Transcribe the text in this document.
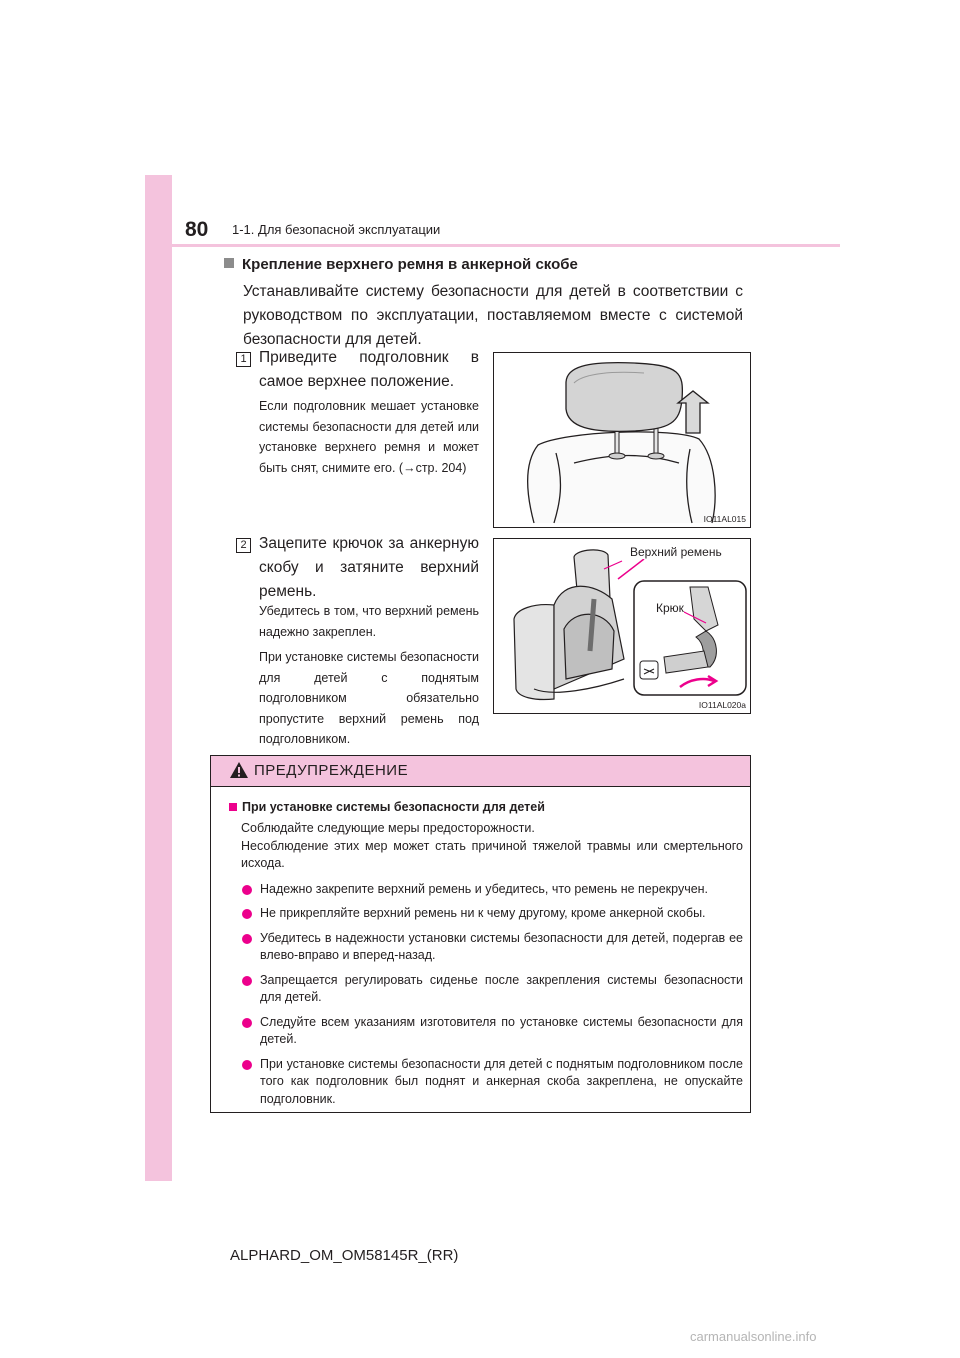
80 1-1. Для безопасной эксплуатации
Крепление верхнего ремня в анкерной скобе
Устанавливайте систему безопасности для детей в соответствии с руководством по эксплуатации, поставляемом вместе с системой безопасности для детей.
1 Приведите подголовник в самое верхнее положение.
Если подголовник мешает установке системы безопасности для детей или установке верхнего ремня и может быть снят, снимите его. (→стр. 204)
IO11AL015
2 Зацепите крючок за анкерную скобу и затяните верхний ремень.
Убедитесь в том, что верхний ремень надежно закреплен.
При установке системы безопасности для детей с поднятым подголовником обязательно пропустите верхний ремень под подголовником.
Верхний ремень
Крюк
IO11AL020a
ПРЕДУПРЕЖДЕНИЕ
При установке системы безопасности для детей
Соблюдайте следующие меры предосторожности.
Несоблюдение этих мер может стать причиной тяжелой травмы или смертельного исхода.
Надежно закрепите верхний ремень и убедитесь, что ремень не перекручен.
Не прикрепляйте верхний ремень ни к чему другому, кроме анкерной скобы.
Убедитесь в надежности установки системы безопасности для детей, подергав ее влево-вправо и вперед-назад.
Запрещается регулировать сиденье после закрепления системы безопасности для детей.
Следуйте всем указаниям изготовителя по установке системы безопасности для детей.
При установке системы безопасности для детей с поднятым подголовником после того как подголовник был поднят и анкерная скоба закреплена, не опускайте подголовник.
ALPHARD_OM_OM58145R_(RR)
carmanualsonline.info
